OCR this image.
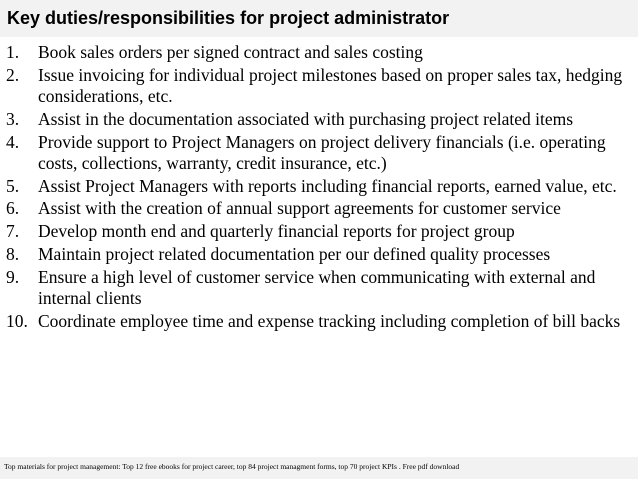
Key duties/responsibilities for project administrator
1.	Book sales orders per signed contract and sales costing
2.	Issue invoicing for individual project milestones based on proper sales tax, hedging considerations, etc.
3.	Assist in the documentation associated with purchasing project related items
4.	Provide support to Project Managers on project delivery financials (i.e. operating costs, collections, warranty, credit insurance, etc.)
5.	Assist Project Managers with reports including financial reports, earned value, etc.
6.	Assist with the creation of annual support agreements for customer service
7.	Develop month end and quarterly financial reports for project group
8.	Maintain project related documentation per our defined quality processes
9.	Ensure a high level of customer service when communicating with external and internal clients
10. Coordinate employee time and expense tracking including completion of bill backs
Top materials for project management: Top 12 free ebooks for project career, top 84 project managment forms, top 70 project KPIs . Free pdf download
